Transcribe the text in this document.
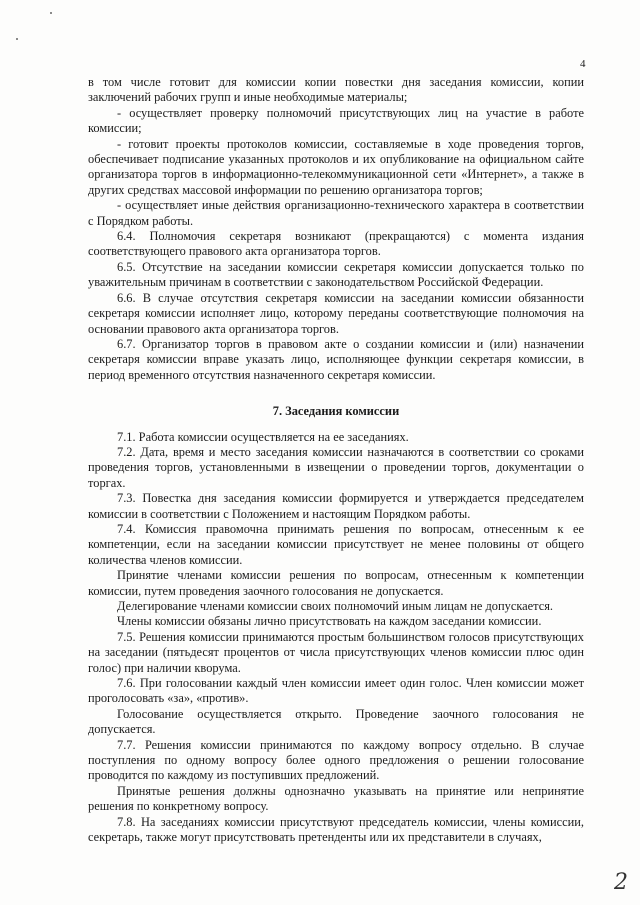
4

в том числе готовит для комиссии копии повестки дня заседания комиссии, копии заключений рабочих групп и иные необходимые материалы;

- осуществляет проверку полномочий присутствующих лиц на участие в работе комиссии;

- готовит проекты протоколов комиссии, составляемые в ходе проведения торгов, обеспечивает подписание указанных протоколов и их опубликование на официальном сайте организатора торгов в информационно-телекоммуникационной сети «Интернет», а также в других средствах массовой информации по решению организатора торгов;

- осуществляет иные действия организационно-технического характера в соответствии с Порядком работы.

6.4. Полномочия секретаря возникают (прекращаются) с момента издания соответствующего правового акта организатора торгов.

6.5. Отсутствие на заседании комиссии секретаря комиссии допускается только по уважительным причинам в соответствии с законодательством Российской Федерации.

6.6. В случае отсутствия секретаря комиссии на заседании комиссии обязанности секретаря комиссии исполняет лицо, которому переданы соответствующие полномочия на основании правового акта организатора торгов.

6.7. Организатор торгов в правовом акте о создании комиссии и (или) назначении секретаря комиссии вправе указать лицо, исполняющее функции секретаря комиссии, в период временного отсутствия назначенного секретаря комиссии.

7. Заседания комиссии

7.1. Работа комиссии осуществляется на ее заседаниях.

7.2. Дата, время и место заседания комиссии назначаются в соответствии со сроками проведения торгов, установленными в извещении о проведении торгов, документации о торгах.

7.3. Повестка дня заседания комиссии формируется и утверждается председателем комиссии в соответствии с Положением и настоящим Порядком работы.

7.4. Комиссия правомочна принимать решения по вопросам, отнесенным к ее компетенции, если на заседании комиссии присутствует не менее половины от общего количества членов комиссии.

Принятие членами комиссии решения по вопросам, отнесенным к компетенции комиссии, путем проведения заочного голосования не допускается.

Делегирование членами комиссии своих полномочий иным лицам не допускается.

Члены комиссии обязаны лично присутствовать на каждом заседании комиссии.

7.5. Решения комиссии принимаются простым большинством голосов присутствующих на заседании (пятьдесят процентов от числа присутствующих членов комиссии плюс один голос) при наличии кворума.

7.6. При голосовании каждый член комиссии имеет один голос. Член комиссии может проголосовать «за», «против».

Голосование осуществляется открыто. Проведение заочного голосования не допускается.

7.7. Решения комиссии принимаются по каждому вопросу отдельно. В случае поступления по одному вопросу более одного предложения о решении голосование проводится по каждому из поступивших предложений.

Принятые решения должны однозначно указывать на принятие или непринятие решения по конкретному вопросу.

7.8. На заседаниях комиссии присутствуют председатель комиссии, члены комиссии, секретарь, также могут присутствовать претенденты или их представители в случаях,

2
